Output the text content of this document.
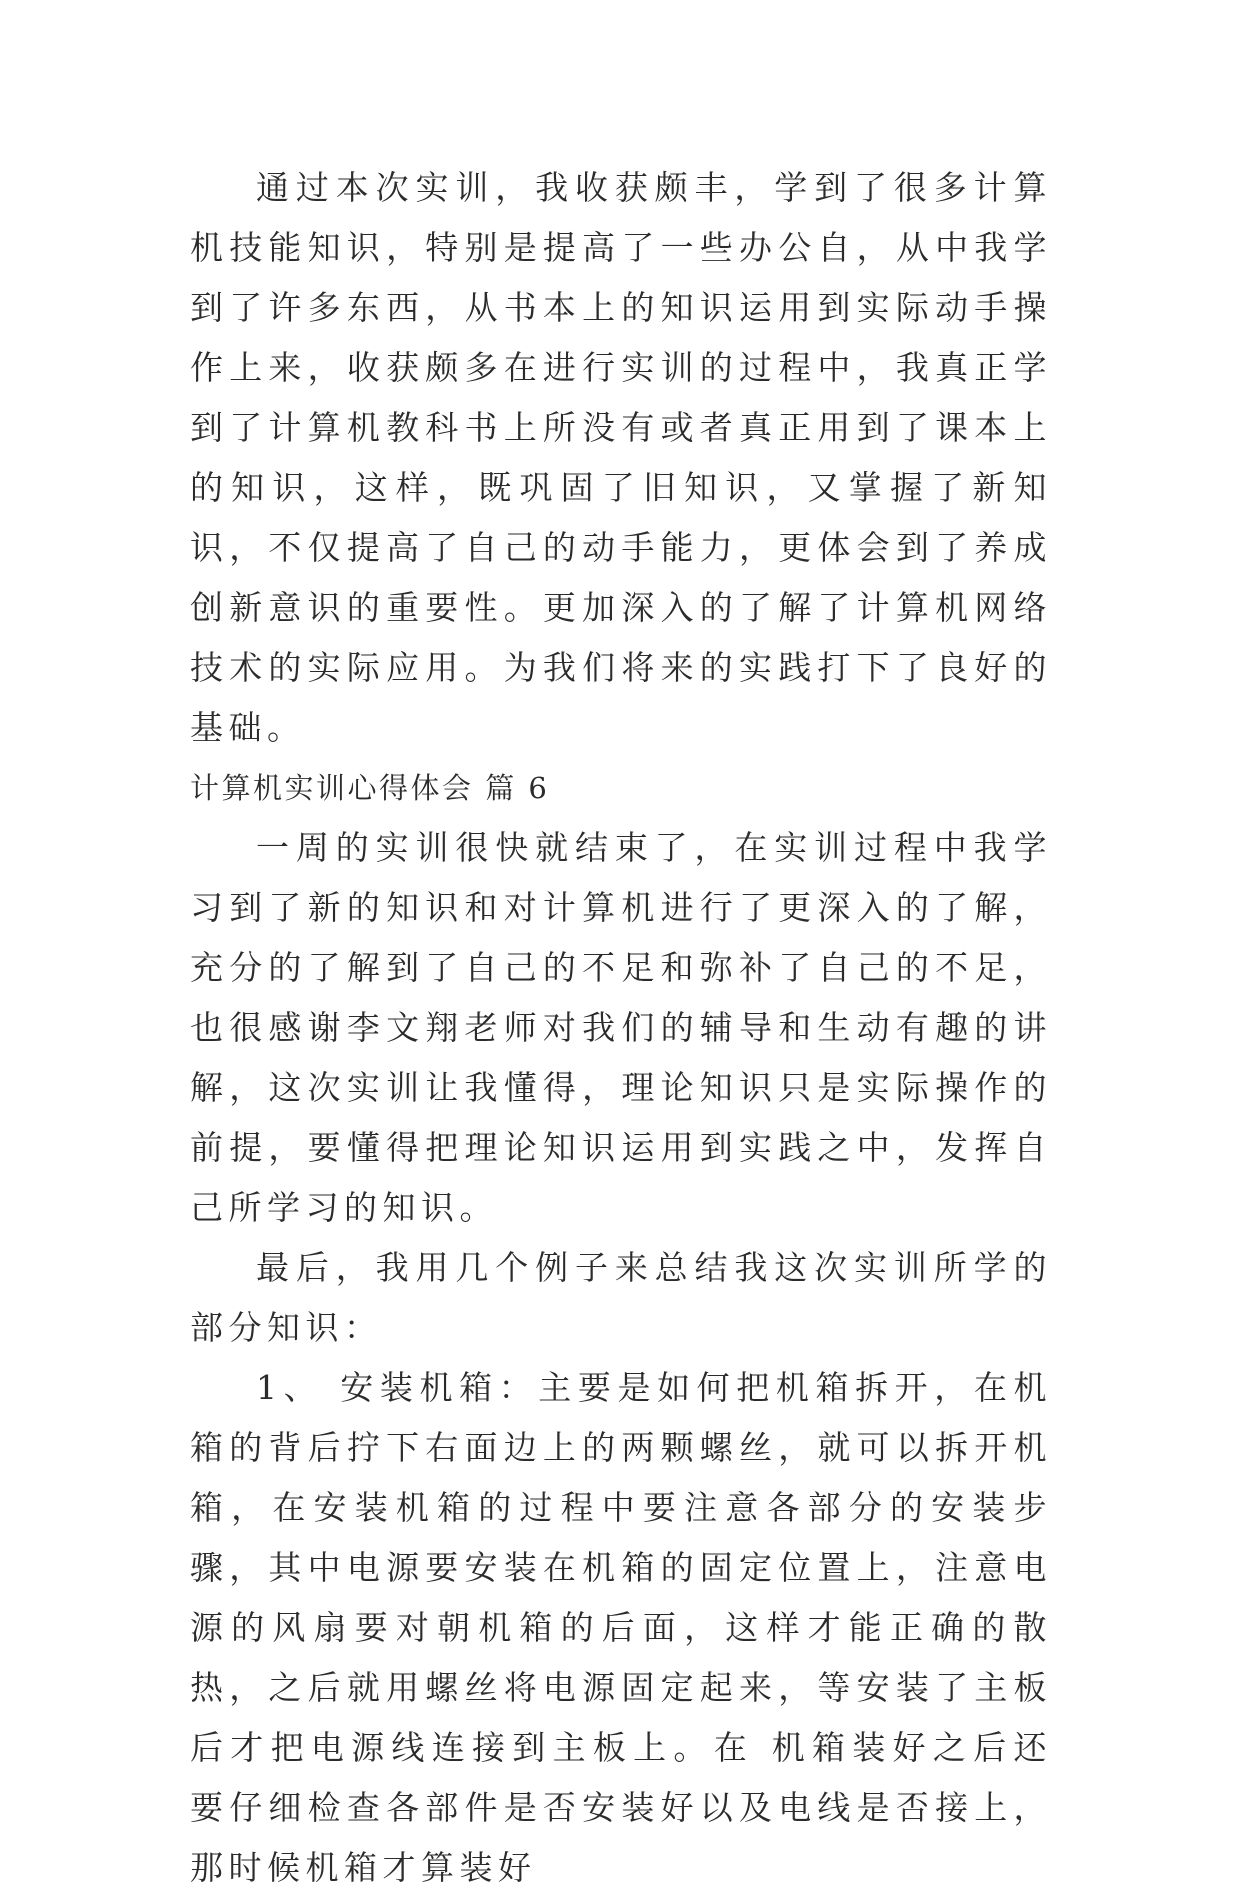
通过本次实训，我收获颇丰，学到了很多计算机技能知识，特别是提高了一些办公自，从中我学到了许多东西，从书本上的知识运用到实际动手操作上来，收获颇多在进行实训的过程中，我真正学到了计算机教科书上所没有或者真正用到了课本上的知识，这样，既巩固了旧知识，又掌握了新知识，不仅提高了自己的动手能力，更体会到了养成创新意识的重要性。更加深入的了解了计算机网络技术的实际应用。为我们将来的实践打下了良好的基础。

计算机实训心得体会 篇 6

一周的实训很快就结束了，在实训过程中我学习到了新的知识和对计算机进行了更深入的了解，充分的了解到了自己的不足和弥补了自己的不足，也很感谢李文翔老师对我们的辅导和生动有趣的讲解，这次实训让我懂得，理论知识只是实际操作的前提，要懂得把理论知识运用到实践之中，发挥自己所学习的知识。

最后，我用几个例子来总结我这次实训所学的部分知识：

1、 安装机箱：主要是如何把机箱拆开，在机箱的背后拧下右面边上的两颗螺丝，就可以拆开机箱，在安装机箱的过程中要注意各部分的安装步骤，其中电源要安装在机箱的固定位置上，注意电源的风扇要对朝机箱的后面，这样才能正确的散热，之后就用螺丝将电源固定起来，等安装了主板后才把电源线连接到主板上。在 机箱装好之后还要仔细检查各部件是否安装好以及电线是否接上，那时候机箱才算装好
